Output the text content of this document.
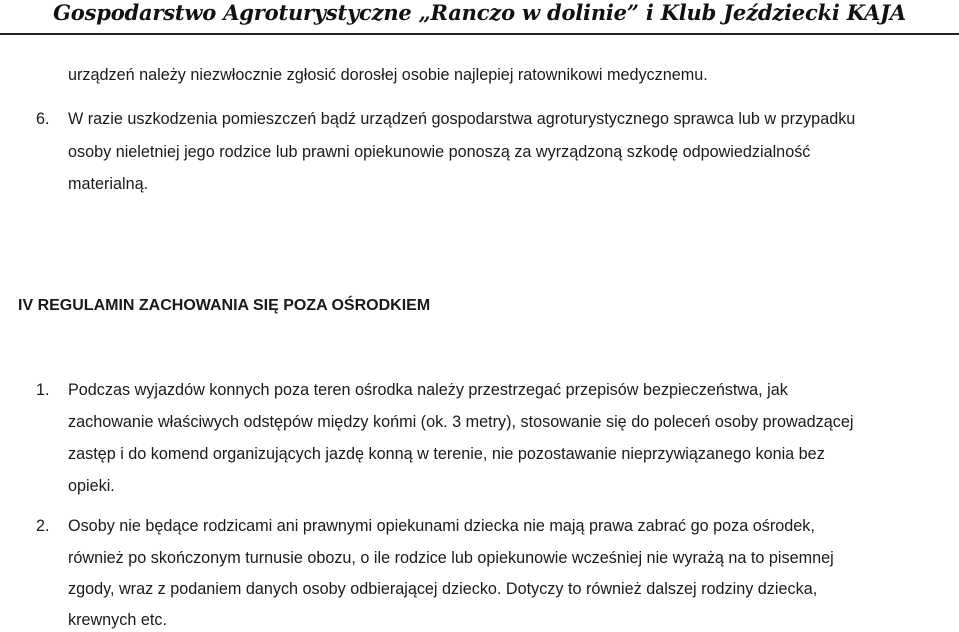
Gospodarstwo Agroturystyczne „Ranczo w dolinie” i Klub Jeździecki KAJA
urządzeń należy niezwłocznie zgłosić dorosłej osobie najlepiej ratownikowi medycznemu.
6. W razie uszkodzenia pomieszczeń bądź urządzeń gospodarstwa agroturystycznego sprawca lub w przypadku
osoby nieletniej jego rodzice lub prawni opiekunowie ponoszą za wyrządzoną szkodę odpowiedzialność
materialną.
IV REGULAMIN ZACHOWANIA SIĘ POZA OŚRODKIEM
1. Podczas wyjazdów konnych poza teren ośrodka należy przestrzegać przepisów bezpieczeństwa, jak
zachowanie właściwych odstępów między końmi (ok. 3 metry), stosowanie się do poleceń osoby prowadzącej
zastęp i do komend organizujących jazdę konną w terenie, nie pozostawanie nieprzywiązanego konia bez
opieki.
2. Osoby nie będące rodzicami ani prawnymi opiekunami dziecka nie mają prawa zabrać go poza ośrodek,
również po skończonym turnusie obozu, o ile rodzice lub opiekunowie wcześniej nie wyrażą na to pisemnej
zgody, wraz z podaniem danych osoby odbierającej dziecko. Dotyczy to również dalszej rodziny dziecka,
krewnych etc.
